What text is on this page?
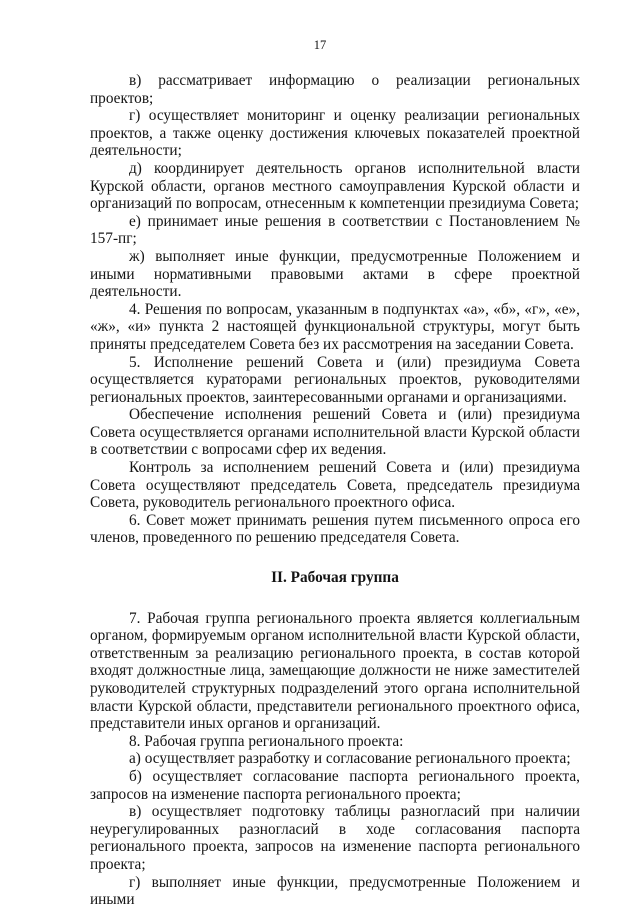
17

в) рассматривает информацию о реализации региональных проектов;

г) осуществляет мониторинг и оценку реализации региональных проектов, а также оценку достижения ключевых показателей проектной деятельности;

д) координирует деятельность органов исполнительной власти Курской области, органов местного самоуправления Курской области и организаций по вопросам, отнесенным к компетенции президиума Совета;

е) принимает иные решения в соответствии с Постановлением № 157-пг;

ж) выполняет иные функции, предусмотренные Положением и иными нормативными правовыми актами в сфере проектной деятельности.

4. Решения по вопросам, указанным в подпунктах «а», «б», «г», «е», «ж», «и» пункта 2 настоящей функциональной структуры, могут быть приняты председателем Совета без их рассмотрения на заседании Совета.

5. Исполнение решений Совета и (или) президиума Совета осуществляется кураторами региональных проектов, руководителями региональных проектов, заинтересованными органами и организациями.

Обеспечение исполнения решений Совета и (или) президиума Совета осуществляется органами исполнительной власти Курской области в соответствии с вопросами сфер их ведения.

Контроль за исполнением решений Совета и (или) президиума Совета осуществляют председатель Совета, председатель президиума Совета, руководитель регионального проектного офиса.

6. Совет может принимать решения путем письменного опроса его членов, проведенного по решению председателя Совета.

II. Рабочая группа

7. Рабочая группа регионального проекта является коллегиальным органом, формируемым органом исполнительной власти Курской области, ответственным за реализацию регионального проекта, в состав которой входят должностные лица, замещающие должности не ниже заместителей руководителей структурных подразделений этого органа исполнительной власти Курской области, представители регионального проектного офиса, представители иных органов и организаций.

8. Рабочая группа регионального проекта:

а) осуществляет разработку и согласование регионального проекта;

б) осуществляет согласование паспорта регионального проекта, запросов на изменение паспорта регионального проекта;

в) осуществляет подготовку таблицы разногласий при наличии неурегулированных разногласий в ходе согласования паспорта регионального проекта, запросов на изменение паспорта регионального проекта;

г) выполняет иные функции, предусмотренные Положением и иными
